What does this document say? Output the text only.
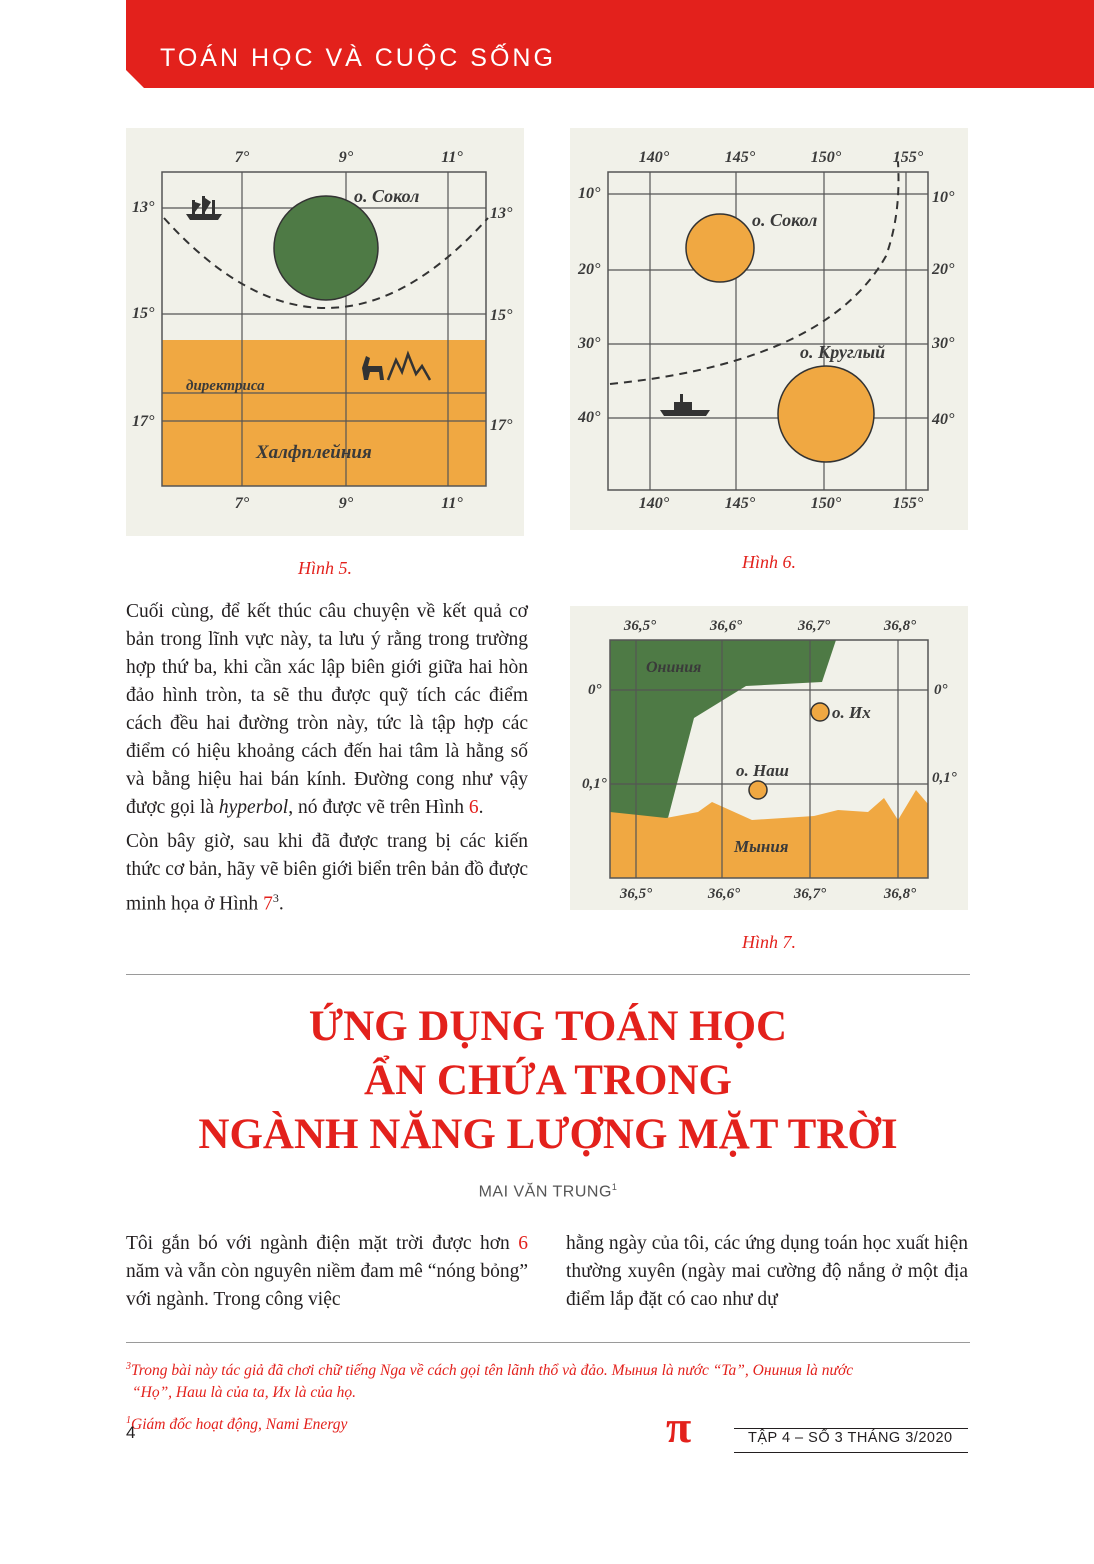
TOÁN HỌC VÀ CUỘC SỐNG
7°	9°	11°
7°	9°	11°
13°
15°
17°
13°
15°
17°
о. Сокол
директриса
Халфплейния
Hình 5.
140°	145°	150°	155°
140°	145°	150°	155°
10°
20°
30°
40°
10°
20°
30°
40°
о. Сокол
о. Круглый
Hình 6.
36,5°	36,6°	36,7°	36,8°
36,5°	36,6°	36,7°	36,8°
0°
0,1°
0°
0,1°
Ониния
о. Их
о. Наш
Мыния
Hình 7.

Cuối cùng, để kết thúc câu chuyện về kết quả cơ bản trong lĩnh vực này, ta lưu ý rằng trong trường hợp thứ ba, khi cần xác lập biên giới giữa hai hòn đảo hình tròn, ta sẽ thu được quỹ tích các điểm cách đều hai đường tròn này, tức là tập hợp các điểm có hiệu khoảng cách đến hai tâm là hằng số và bằng hiệu hai bán kính. Đường cong như vậy được gọi là hyperbol, nó được vẽ trên Hình 6.

Còn bây giờ, sau khi đã được trang bị các kiến thức cơ bản, hãy vẽ biên giới biển trên bản đồ được minh họa ở Hình $7^3$.

ỨNG DỤNG TOÁN HỌC
ẨN CHỨA TRONG
NGÀNH NĂNG LƯỢNG MẶT TRỜI
MAI VĂN TRUNG$^1$
Tôi gắn bó với ngành điện mặt trời được hơn 6 năm và vẫn còn nguyên niềm đam mê “nóng bỏng” với ngành. Trong công việc
hằng ngày của tôi, các ứng dụng toán học xuất hiện thường xuyên (ngày mai cường độ nắng ở một địa điểm lắp đặt có cao như dự
$^3$Trong bài này tác giả đã chơi chữ tiếng Nga về cách gọi tên lãnh thổ và đảo. Мыния là nước “Ta”, Ониния là nước
“Họ”, Наш là của ta, Их là của họ.
$^1$Giám đốc hoạt động, Nami Energy
4	π	TẬP 4 – SỐ 3 THÁNG 3/2020
